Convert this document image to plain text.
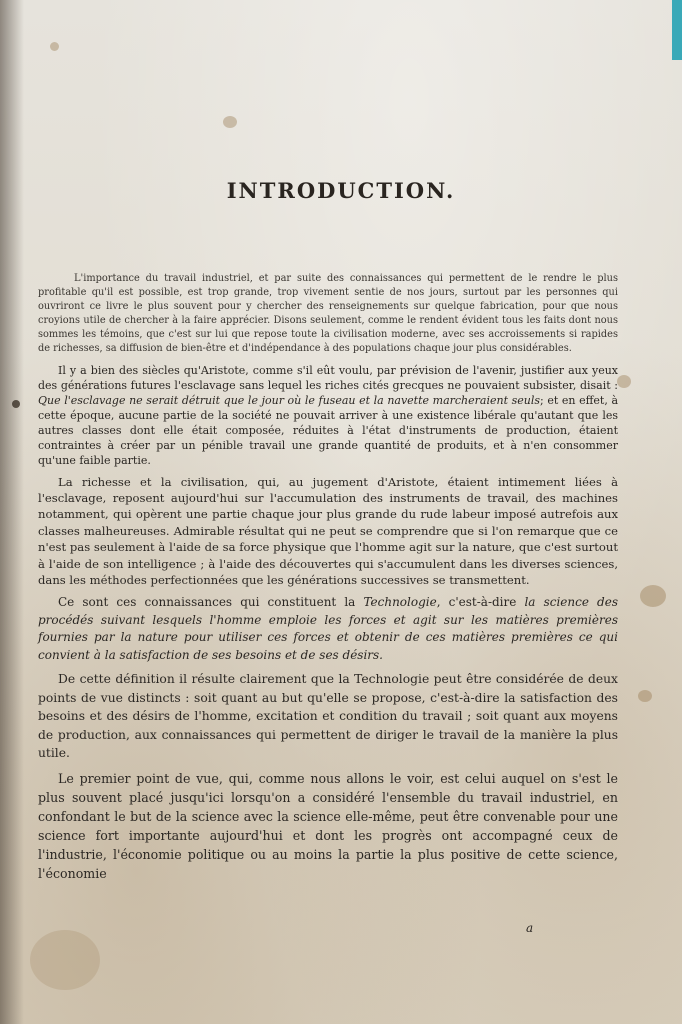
INTRODUCTION.

L'importance du travail industriel, et par suite des connaissances qui permettent de le rendre le plus profitable qu'il est possible, est trop grande, trop vivement sentie de nos jours, surtout par les personnes qui ouvriront ce livre le plus souvent pour y chercher des renseignements sur quelque fabrication, pour que nous croyions utile de chercher à la faire apprécier. Disons seulement, comme le rendent évident tous les faits dont nous sommes les témoins, que c'est sur lui que repose toute la civilisation moderne, avec ses accroissements si rapides de richesses, sa diffusion de bien-être et d'indépendance à des populations chaque jour plus considérables.

Il y a bien des siècles qu'Aristote, comme s'il eût voulu, par prévision de l'avenir, justifier aux yeux des générations futures l'esclavage sans lequel les riches cités grecques ne pouvaient subsister, disait : Que l'esclavage ne serait détruit que le jour où le fuseau et la navette marcheraient seuls; et en effet, à cette époque, aucune partie de la société ne pouvait arriver à une existence libérale qu'autant que les autres classes dont elle était composée, réduites à l'état d'instruments de production, étaient contraintes à créer par un pénible travail une grande quantité de produits, et à n'en consommer qu'une faible partie.

La richesse et la civilisation, qui, au jugement d'Aristote, étaient intimement liées à l'esclavage, reposent aujourd'hui sur l'accumulation des instruments de travail, des machines notamment, qui opèrent une partie chaque jour plus grande du rude labeur imposé autrefois aux classes malheureuses. Admirable résultat qui ne peut se comprendre que si l'on remarque que ce n'est pas seulement à l'aide de sa force physique que l'homme agit sur la nature, que c'est surtout à l'aide de son intelligence ; à l'aide des découvertes qui s'accumulent dans les diverses sciences, dans les méthodes perfectionnées que les générations successives se transmettent.

Ce sont ces connaissances qui constituent la Technologie, c'est-à-dire la science des procédés suivant lesquels l'homme emploie les forces et agit sur les matières premières fournies par la nature pour utiliser ces forces et obtenir de ces matières premières ce qui convient à la satisfaction de ses besoins et de ses désirs.

De cette définition il résulte clairement que la Technologie peut être considérée de deux points de vue distincts : soit quant au but qu'elle se propose, c'est-à-dire la satisfaction des besoins et des désirs de l'homme, excitation et condition du travail ; soit quant aux moyens de production, aux connaissances qui permettent de diriger le travail de la manière la plus utile.

Le premier point de vue, qui, comme nous allons le voir, est celui auquel on s'est le plus souvent placé jusqu'ici lorsqu'on a considéré l'ensemble du travail industriel, en confondant le but de la science avec la science elle-même, peut être convenable pour une science fort importante aujourd'hui et dont les progrès ont accompagné ceux de l'industrie, l'économie politique ou au moins la partie la plus positive de cette science, l'économie

a
